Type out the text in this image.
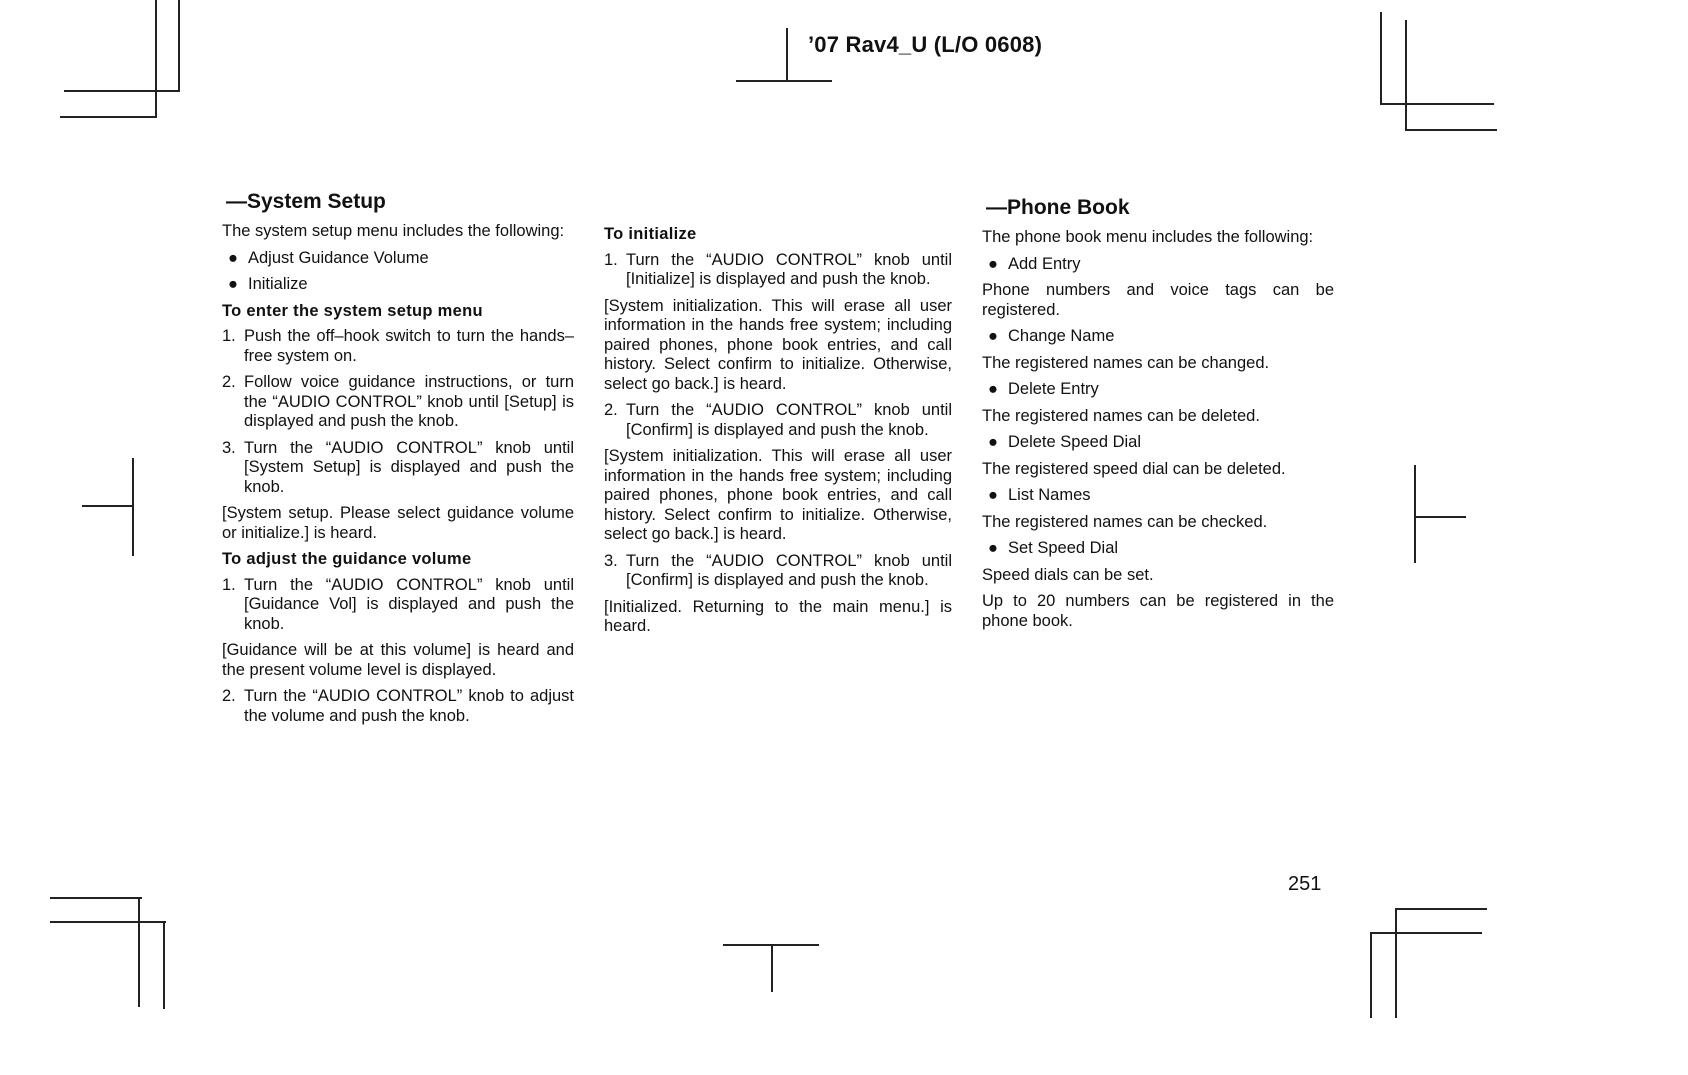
’07 Rav4_U (L/O 0608)
—System Setup

The system setup menu includes the following:

● Adjust Guidance Volume
● Initialize
To enter the system setup menu
1. Push the off–hook switch to turn the hands–free system on.
2. Follow voice guidance instructions, or turn the “AUDIO CONTROL” knob until [Setup] is displayed and push the knob.
3. Turn the “AUDIO CONTROL” knob until [System Setup] is displayed and push the knob.

[System setup. Please select guidance volume or initialize.] is heard.

To adjust the guidance volume
1. Turn the “AUDIO CONTROL” knob until [Guidance Vol] is displayed and push the knob.

[Guidance will be at this volume] is heard and the present volume level is displayed.

2. Turn the “AUDIO CONTROL” knob to adjust the volume and push the knob.
To initialize
1. Turn the “AUDIO CONTROL” knob until [Initialize] is displayed and push the knob.

[System initialization. This will erase all user information in the hands free system; including paired phones, phone book entries, and call history. Select confirm to initialize. Otherwise, select go back.] is heard.

2. Turn the “AUDIO CONTROL” knob until [Confirm] is displayed and push the knob.

[System initialization. This will erase all user information in the hands free system; including paired phones, phone book entries, and call history. Select confirm to initialize. Otherwise, select go back.] is heard.

3. Turn the “AUDIO CONTROL” knob until [Confirm] is displayed and push the knob.

[Initialized. Returning to the main menu.] is heard.

—Phone Book

The phone book menu includes the following:

● Add Entry

Phone numbers and voice tags can be registered.

● Change Name

The registered names can be changed.

● Delete Entry

The registered names can be deleted.

● Delete Speed Dial

The registered speed dial can be deleted.

● List Names

The registered names can be checked.

● Set Speed Dial

Speed dials can be set.

Up to 20 numbers can be registered in the phone book.

251
